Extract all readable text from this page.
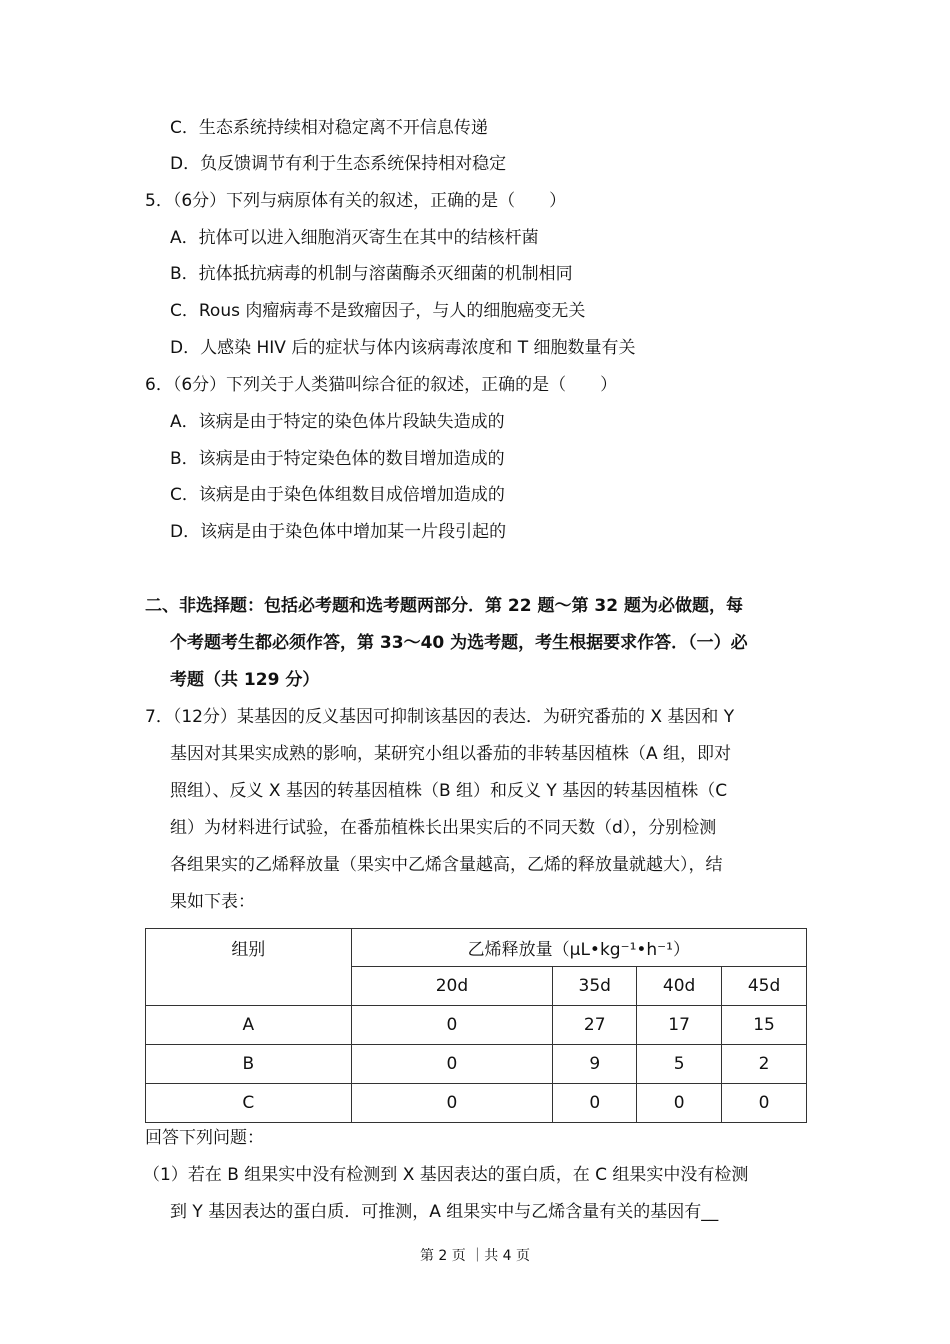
C．生态系统持续相对稳定离不开信息传递
D．负反馈调节有利于生态系统保持相对稳定
5．（6分）下列与病原体有关的叙述，正确的是（　　）
A．抗体可以进入细胞消灭寄生在其中的结核杆菌
B．抗体抵抗病毒的机制与溶菌酶杀灭细菌的机制相同
C．Rous 肉瘤病毒不是致瘤因子，与人的细胞癌变无关
D．人感染 HIV 后的症状与体内该病毒浓度和 T 细胞数量有关
6．（6分）下列关于人类猫叫综合征的叙述，正确的是（　　）
A．该病是由于特定的染色体片段缺失造成的
B．该病是由于特定染色体的数目增加造成的
C．该病是由于染色体组数目成倍增加造成的
D．该病是由于染色体中增加某一片段引起的
二、非选择题：包括必考题和选考题两部分．第 22 题～第 32 题为必做题，每
个考题考生都必须作答，第 33～40 为选考题，考生根据要求作答．（一）必
考题（共 129 分）
7．（12分）某基因的反义基因可抑制该基因的表达．为研究番茄的 X 基因和 Y
基因对其果实成熟的影响，某研究小组以番茄的非转基因植株（A 组，即对
照组）、反义 X 基因的转基因植株（B 组）和反义 Y 基因的转基因植株（C
组）为材料进行试验，在番茄植株长出果实后的不同天数（d），分别检测
各组果实的乙烯释放量（果实中乙烯含量越高，乙烯的释放量就越大），结
果如下表：
组别	乙烯释放量（μL•kg⁻¹•h⁻¹）			
	20d	35d	40d	45d
A	0	27	17	15
B	0	9	5	2
C	0	0	0	0
回答下列问题：
（1）若在 B 组果实中没有检测到 X 基因表达的蛋白质，在 C 组果实中没有检测
到 Y 基因表达的蛋白质．可推测，A 组果实中与乙烯含量有关的基因有__
第 2 页 ｜共 4 页
